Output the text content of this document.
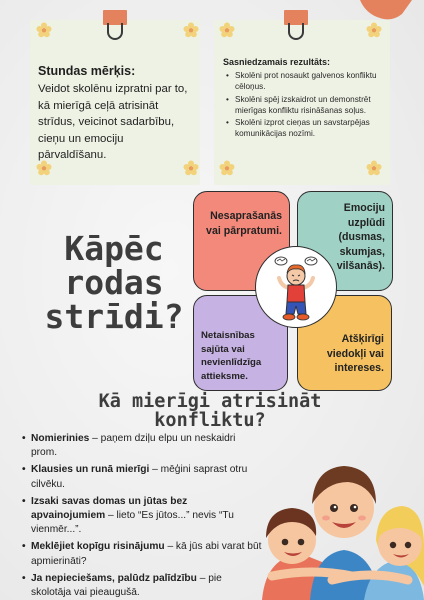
Stundas mērķis:
Veidot skolēnu izpratni par to, kā mierīgā ceļā atrisināt strīdus, veicinot sadarbību, cieņu un emociju pārvaldīšanu.
Sasniedzamais rezultāts:
• Skolēni prot nosaukt galvenos konfliktu cēloņus.
• Skolēni spēj izskaidrot un demonstrēt mierīgas konfliktu risināšanas soļus.
• Skolēni izprot cieņas un savstarpējas komunikācijas nozīmi.
Kāpēc
rodas
strīdi?
Nesaprašanās
vai pārpratumi.
Emociju uzplūdi
(dusmas,
skumjas,
vilšanās).
Netaisnības
sajūta vai
nevienlīdzīga
attieksme.
Atšķirīgi
viedokļi vai
intereses.
Kā mierīgi atrisināt
konfliktu?
• Nomierinies – paņem dziļu elpu un neskaidri prom.
• Klausies un runā mierīgi – mēģini saprast otru cilvēku.
• Izsaki savas domas un jūtas bez apvainojumiem – lieto “Es jūtos...” nevis “Tu vienmēr...”.
• Meklējiet kopīgu risinājumu – kā jūs abi varat būt apmierināti?
• Ja nepieciešams, palūdz palīdzību – pie skolotāja vai pieaugušā.
